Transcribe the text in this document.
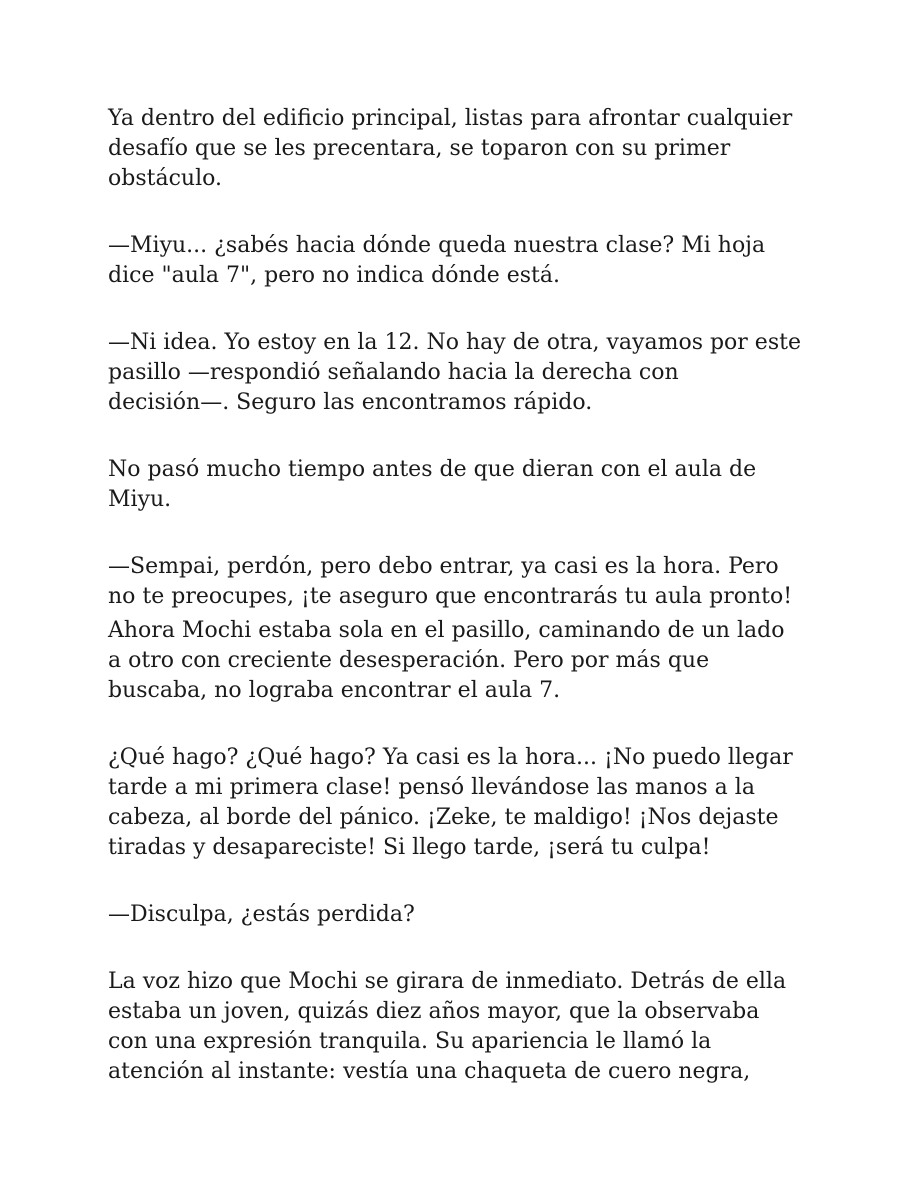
Ya dentro del edificio principal, listas para afrontar cualquier
desafío que se les precentara, se toparon con su primer
obstáculo.

—Miyu... ¿sabés hacia dónde queda nuestra clase? Mi hoja
dice "aula 7", pero no indica dónde está.

—Ni idea. Yo estoy en la 12. No hay de otra, vayamos por este
pasillo —respondió señalando hacia la derecha con
decisión—. Seguro las encontramos rápido.

No pasó mucho tiempo antes de que dieran con el aula de
Miyu.

—Sempai, perdón, pero debo entrar, ya casi es la hora. Pero
no te preocupes, ¡te aseguro que encontrarás tu aula pronto!

Ahora Mochi estaba sola en el pasillo, caminando de un lado
a otro con creciente desesperación. Pero por más que
buscaba, no lograba encontrar el aula 7.

¿Qué hago? ¿Qué hago? Ya casi es la hora... ¡No puedo llegar
tarde a mi primera clase! pensó llevándose las manos a la
cabeza, al borde del pánico. ¡Zeke, te maldigo! ¡Nos dejaste
tiradas y desapareciste! Si llego tarde, ¡será tu culpa!

—Disculpa, ¿estás perdida?

La voz hizo que Mochi se girara de inmediato. Detrás de ella
estaba un joven, quizás diez años mayor, que la observaba
con una expresión tranquila. Su apariencia le llamó la
atención al instante: vestía una chaqueta de cuero negra,
